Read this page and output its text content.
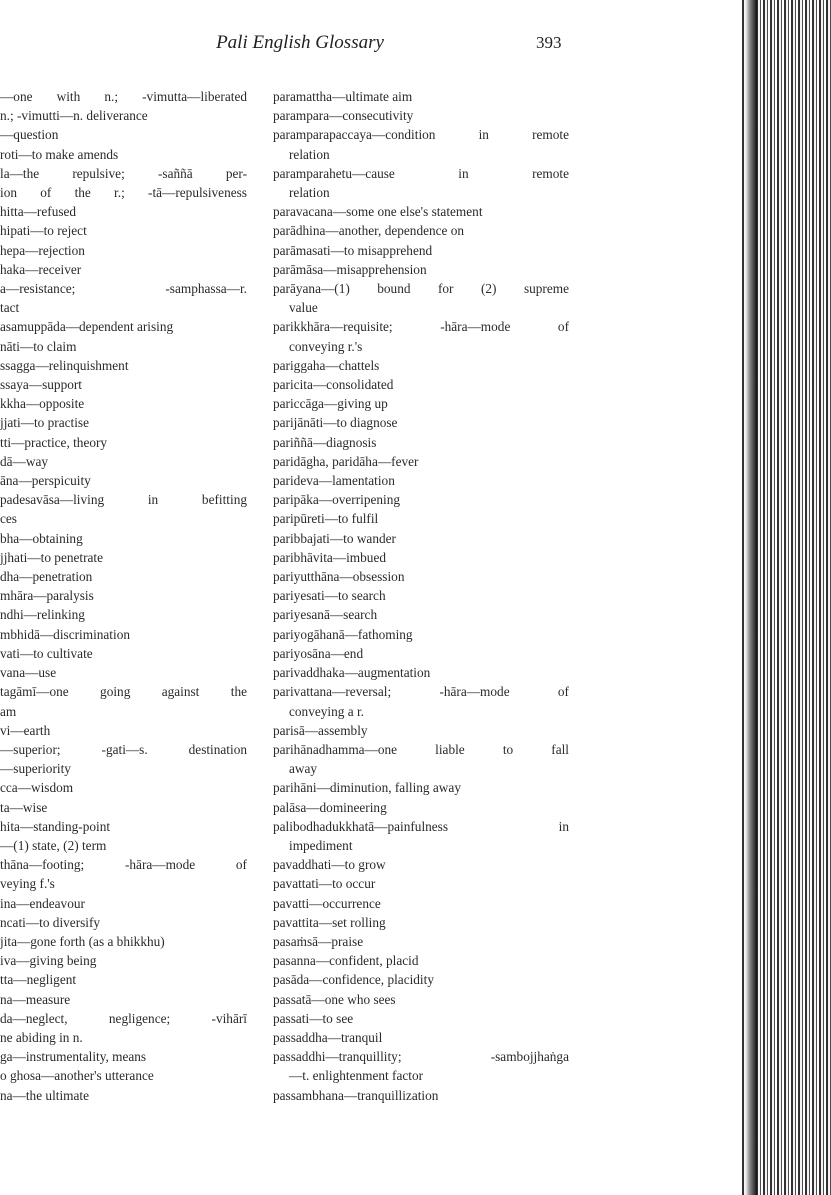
Pali English Glossary	393
—one with n.; -vimutta—liberated
n.; -vimutti—n. deliverance
—question
roti—to make amends
la—the repulsive; -saññā per-
ion of the r.; -tā—repulsiveness
hitta—refused
hipati—to reject
hepa—rejection
haka—receiver
a—resistance; -samphassa—r.
tact
asamuppāda—dependent arising
nāti—to claim
ssagga—relinquishment
ssaya—support
kkha—opposite
jjati—to practise
tti—practice, theory
dā—way
āna—perspicuity
padesavāsa—living in befitting
ces
bha—obtaining
jjhati—to penetrate
dha—penetration
mhāra—paralysis
ndhi—relinking
mbhidā—discrimination
vati—to cultivate
vana—use
tagāmī—one going against the
am
vi—earth
—superior; -gati—s. destination
—superiority
cca—wisdom
ta—wise
hita—standing-point
—(1) state, (2) term
thāna—footing; -hāra—mode of
veying f.'s
ina—endeavour
ncati—to diversify
jita—gone forth (as a bhikkhu)
iva—giving being
tta—negligent
na—measure
da—neglect, negligence; -vihārī
ne abiding in n.
ga—instrumentality, means
o ghosa—another's utterance
na—the ultimate
paramattha—ultimate aim
parampara—consecutivity
paramparapaccaya—condition in remote
relation
paramparahetu—cause in remote
relation
paravacana—some one else's statement
parādhina—another, dependence on
parāmasati—to misapprehend
parāmāsa—misapprehension
parāyana—(1) bound for (2) supreme
value
parikkhāra—requisite; -hāra—mode of
conveying r.'s
pariggaha—chattels
paricita—consolidated
pariccāga—giving up
parijānāti—to diagnose
pariññā—diagnosis
paridāgha, paridāha—fever
parideva—lamentation
paripāka—overripening
paripūreti—to fulfil
paribbajati—to wander
paribhāvita—imbued
pariyutthāna—obsession
pariyesati—to search
pariyesanā—search
pariyogāhanā—fathoming
pariyosāna—end
parivaddhaka—augmentation
parivattana—reversal; -hāra—mode of
conveying a r.
parisā—assembly
parihānadhamma—one liable to fall
away
parihāni—diminution, falling away
palāsa—domineering
palibodhadukkhatā—painfulness in
impediment
pavaddhati—to grow
pavattati—to occur
pavatti—occurrence
pavattita—set rolling
pasaṁsā—praise
pasanna—confident, placid
pasāda—confidence, placidity
passatā—one who sees
passati—to see
passaddha—tranquil
passaddhi—tranquillity; -sambojjhaṅga
—t. enlightenment factor
passambhana—tranquillization
